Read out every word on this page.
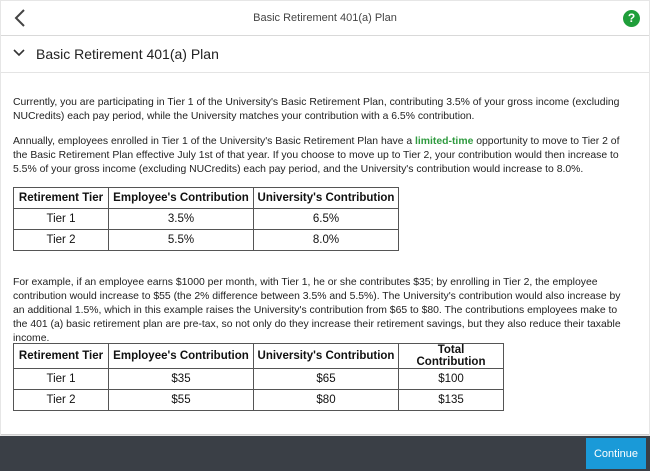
Basic Retirement 401(a) Plan	?
Basic Retirement 401(a) Plan
Currently, you are participating in Tier 1 of the University's Basic Retirement Plan, contributing 3.5% of your gross income (excluding NUCredits) each pay period, while the University matches your contribution with a 6.5% contribution.
Annually, employees enrolled in Tier 1 of the University's Basic Retirement Plan have a limited-time opportunity to move to Tier 2 of the Basic Retirement Plan effective July 1st of that year. If you choose to move up to Tier 2, your contribution would then increase to 5.5% of your gross income (excluding NUCredits) each pay period, and the University's contribution would increase to 8.0%.
Retirement Tier	Employee's Contribution	University's Contribution
Tier 1	3.5%	6.5%
Tier 2	5.5%	8.0%
For example, if an employee earns $1000 per month, with Tier 1, he or she contributes $35; by enrolling in Tier 2, the employee contribution would increase to $55 (the 2% difference between 3.5% and 5.5%). The University's contribution would also increase by an additional 1.5%, which in this example raises the University's contribution from $65 to $80. The contributions employees make to the 401 (a) basic retirement plan are pre-tax, so not only do they increase their retirement savings, but they also reduce their taxable income.
Retirement Tier	Employee's Contribution	University's Contribution	Total Contribution
Tier 1	$35	$65	$100
Tier 2	$55	$80	$135
Continue
